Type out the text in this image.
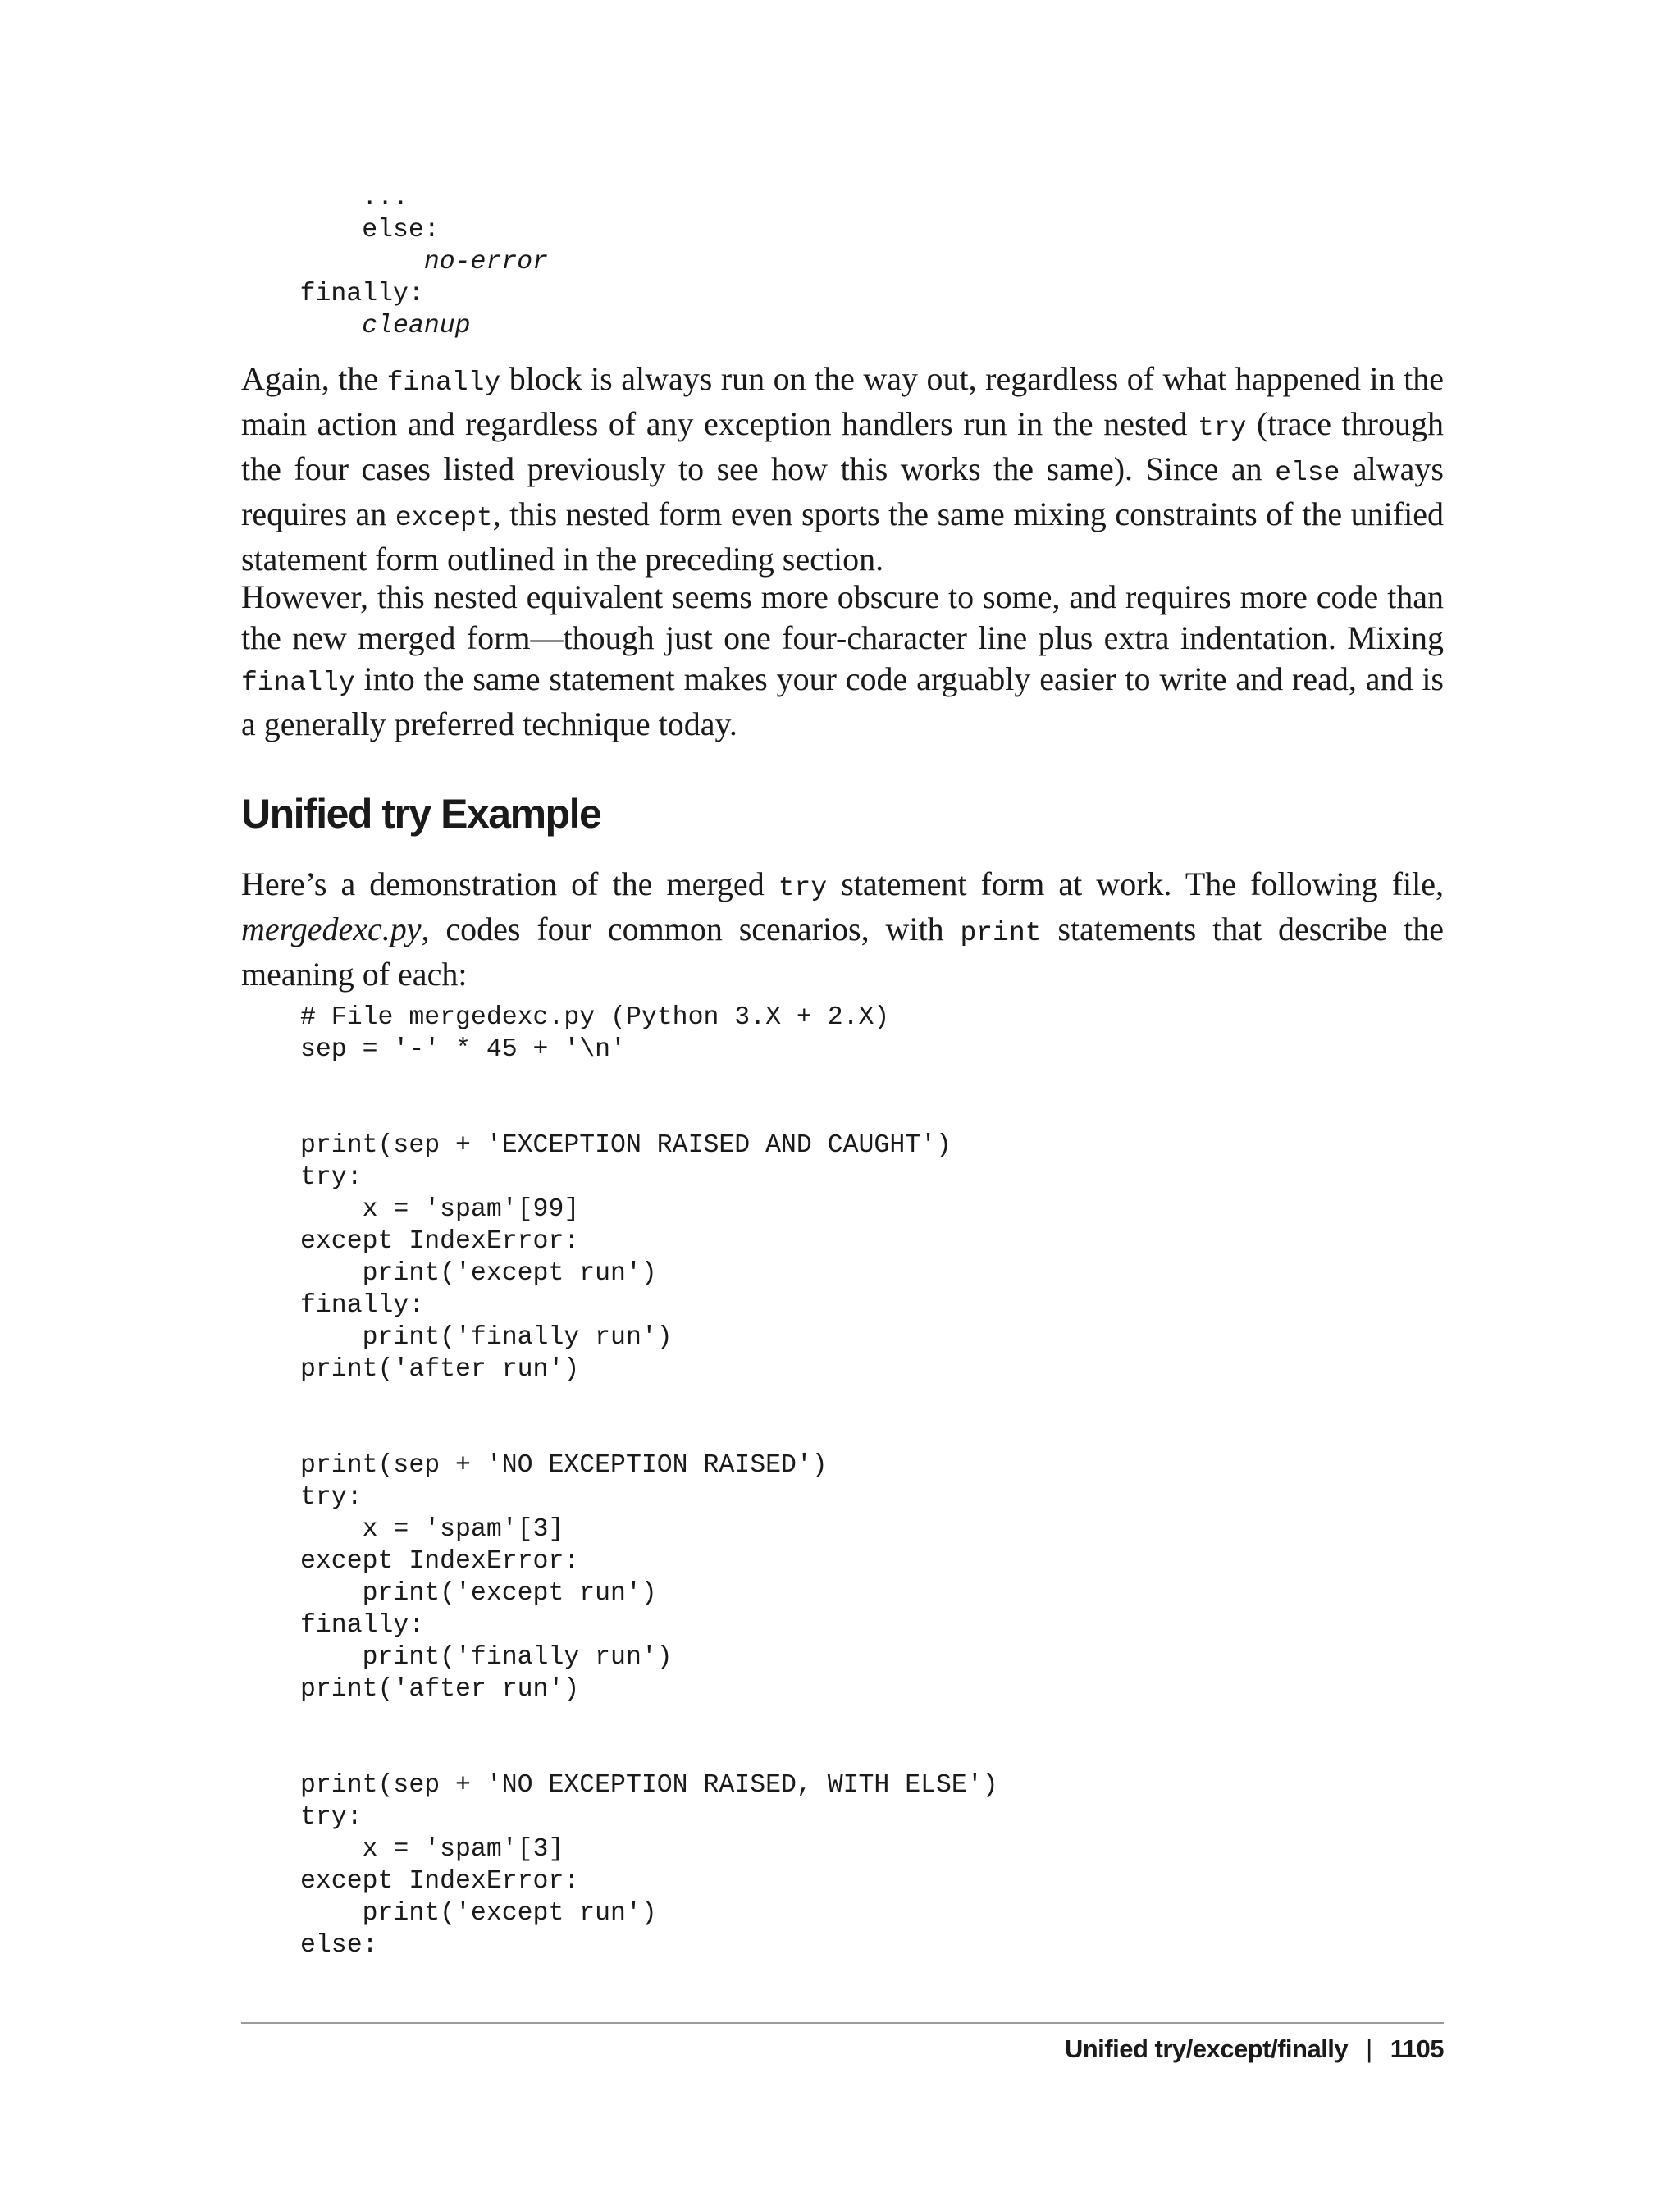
...
else:
no-error
finally:
cleanup

Again, the finally block is always run on the way out, regardless of what happened in the main action and regardless of any exception handlers run in the nested try (trace through the four cases listed previously to see how this works the same). Since an else always requires an except, this nested form even sports the same mixing constraints of the unified statement form outlined in the preceding section.

However, this nested equivalent seems more obscure to some, and requires more code than the new merged form—though just one four-character line plus extra indentation. Mixing finally into the same statement makes your code arguably easier to write and read, and is a generally preferred technique today.

Unified try Example

Here’s a demonstration of the merged try statement form at work. The following file, mergedexc.py, codes four common scenarios, with print statements that describe the meaning of each:

# File mergedexc.py (Python 3.X + 2.X)
sep = '-' * 45 + '\n'

print(sep + 'EXCEPTION RAISED AND CAUGHT')
try:
x = 'spam'[99]
except IndexError:
print('except run')
finally:
print('finally run')
print('after run')

print(sep + 'NO EXCEPTION RAISED')
try:
x = 'spam'[3]
except IndexError:
print('except run')
finally:
print('finally run')
print('after run')

print(sep + 'NO EXCEPTION RAISED, WITH ELSE')
try:
x = 'spam'[3]
except IndexError:
print('except run')
else:
Unified try/except/finally | 1105
